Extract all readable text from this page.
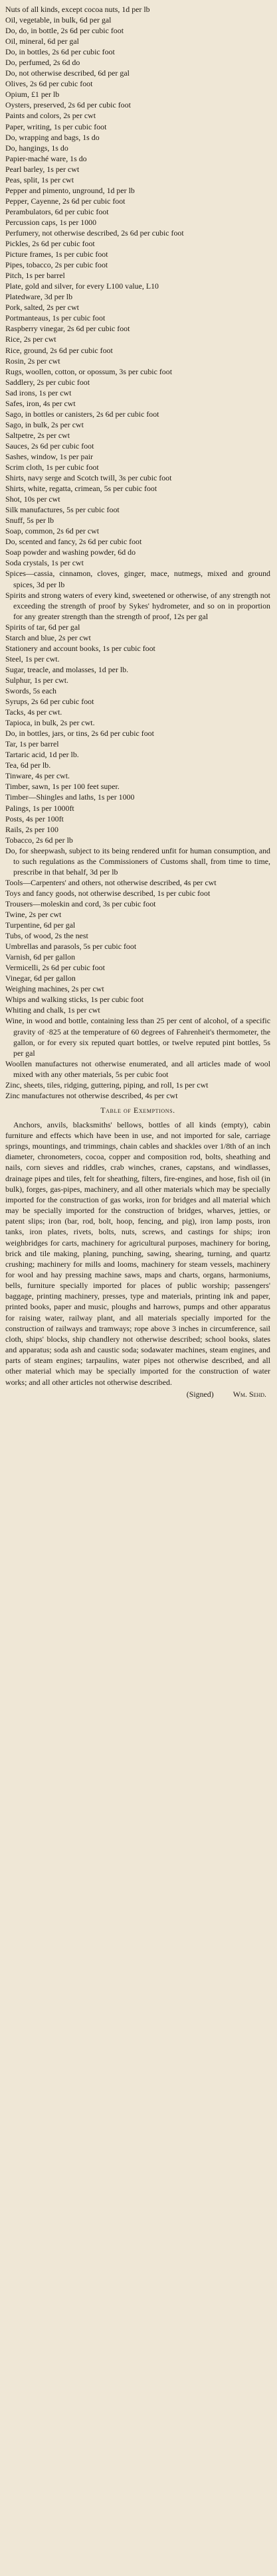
Nuts of all kinds, except cocoa nuts, 1d per lb
Oil, vegetable, in bulk, 6d per gal
Do, do, in bottle, 2s 6d per cubic foot
Oil, mineral, 6d per gal
Do, in bottles, 2s 6d per cubic foot
Do, perfumed, 2s 6d do
Do, not otherwise described, 6d per gal
Olives, 2s 6d per cubic foot
Opium, £1 per lb
Oysters, preserved, 2s 6d per cubic foot
Paints and colors, 2s per cwt
Paper, writing, 1s per cubic foot
Do, wrapping and bags, 1s do
Do, hangings, 1s do
Papier-maché ware, 1s do
Pearl barley, 1s per cwt
Peas, split, 1s per cwt
Pepper and pimento, unground, 1d per lb
Pepper, Cayenne, 2s 6d per cubic foot
Perambulators, 6d per cubic foot
Percussion caps, 1s per 1000
Perfumery, not otherwise described, 2s 6d per cubic foot
Pickles, 2s 6d per cubic foot
Picture frames, 1s per cubic foot
Pipes, tobacco, 2s per cubic foot
Pitch, 1s per barrel
Plate, gold and silver, for every L100 value, L10
Platedware, 3d per lb
Pork, salted, 2s per cwt
Portmanteaus, 1s per cubic foot
Raspberry vinegar, 2s 6d per cubic foot
Rice, 2s per cwt
Rice, ground, 2s 6d per cubic foot
Rosin, 2s per cwt
Rugs, woollen, cotton, or opossum, 3s per cubic foot
Saddlery, 2s per cubic foot
Sad irons, 1s per cwt
Safes, iron, 4s per cwt
Sago, in bottles or canisters, 2s 6d per cubic foot
Sago, in bulk, 2s per cwt
Saltpetre, 2s per cwt
Sauces, 2s 6d per cubic foot
Sashes, window, 1s per pair
Scrim cloth, 1s per cubic foot
Shirts, navy serge and Scotch twill, 3s per cubic foot
Shirts, white, regatta, crimean, 5s per cubic foot
Shot, 10s per cwt
Silk manufactures, 5s per cubic foot
Snuff, 5s per lb
Soap, common, 2s 6d per cwt
Do, scented and fancy, 2s 6d per cubic foot
Soap powder and washing powder, 6d do
Soda crystals, 1s per cwt
Spices—cassia, cinnamon, cloves, ginger, mace, nutmegs, mixed and ground spices, 3d per lb
Spirits and strong waters of every kind, sweetened or otherwise, of any strength not exceeding the strength of proof by Sykes' hydrometer, and so on in proportion for any greater strength than the strength of proof, 12s per gal
Spirits of tar, 6d per gal
Starch and blue, 2s per cwt
Stationery and account books, 1s per cubic foot
Steel, 1s per cwt.
Sugar, treacle, and molasses, 1d per lb.
Sulphur, 1s per cwt.
Swords, 5s each
Syrups, 2s 6d per cubic foot
Tacks, 4s per cwt.
Tapioca, in bulk, 2s per cwt.
Do, in bottles, jars, or tins, 2s 6d per cubic foot
Tar, 1s per barrel
Tartaric acid, 1d per lb.
Tea, 6d per lb.
Tinware, 4s per cwt.
Timber, sawn, 1s per 100 feet super.
Timber—Shingles and laths, 1s per 1000
Palings, 1s per 1000ft
Posts, 4s per 100ft
Rails, 2s per 100
Tobacco, 2s 6d per lb
Do, for sheepwash, subject to its being rendered unfit for human consumption, and to such regulations as the Commissioners of Customs shall, from time to time, prescribe in that behalf, 3d per lb
Tools—Carpenters' and others, not otherwise described, 4s per cwt
Toys and fancy goods, not otherwise described, 1s per cubic foot
Trousers—moleskin and cord, 3s per cubic foot
Twine, 2s per cwt
Turpentine, 6d per gal
Tubs, of wood, 2s the nest
Umbrellas and parasols, 5s per cubic foot
Varnish, 6d per gallon
Vermicelli, 2s 6d per cubic foot
Vinegar, 6d per gallon
Weighing machines, 2s per cwt
Whips and walking sticks, 1s per cubic foot
Whiting and chalk, 1s per cwt
Wine, in wood and bottle, containing less than 25 per cent of alcohol, of a specific gravity of ·825 at the temperature of 60 degrees of Fahrenheit's thermometer, the gallon, or for every six reputed quart bottles, or twelve reputed pint bottles, 5s per gal
Woollen manufactures not otherwise enumerated, and all articles made of wool mixed with any other materials, 5s per cubic foot
Zinc, sheets, tiles, ridging, guttering, piping, and roll, 1s per cwt
Zinc manufactures not otherwise described, 4s per cwt
Table of Exemptions.
Anchors, anvils, blacksmiths' bellows, bottles of all kinds (empty), cabin furniture and effects which have been in use, and not imported for sale, carriage springs, mountings, and trimmings, chain cables and shackles over 1/8th of an inch diameter, chronometers, cocoa, copper and composition rod, bolts, sheathing and nails, corn sieves and riddles, crab winches, cranes, capstans, and windlasses, drainage pipes and tiles, felt for sheathing, filters, fire-engines, and hose, fish oil (in bulk), forges, gas-pipes, machinery, and all other materials which may be specially imported for the construction of gas works, iron for bridges and all material which may be specially imported for the construction of bridges, wharves, jetties, or patent slips; iron (bar, rod, bolt, hoop, fencing, and pig), iron lamp posts, iron tanks, iron plates, rivets, bolts, nuts, screws, and castings for ships; iron weighbridges for carts, machinery for agricultural purposes, machinery for boring, brick and tile making, planing, punching, sawing, shearing, turning, and quartz crushing; machinery for mills and looms, machinery for steam vessels, machinery for wool and hay pressing machine saws, maps and charts, organs, harmoniums, bells, furniture specially imported for places of public worship; passengers' baggage, printing machinery, presses, type and materials, printing ink and paper, printed books, paper and music, ploughs and harrows, pumps and other apparatus for raising water, railway plant, and all materials specially imported for the construction of railways and tramways; rope above 3 inches in circumference, sail cloth, ships' blocks, ship chandlery not otherwise described; school books, slates and apparatus; soda ash and caustic soda; sodawater machines, steam engines, and parts of steam engines; tarpaulins, water pipes not otherwise described, and all other material which may be specially imported for the construction of water works; and all other articles not otherwise described.
(Signed) Wm. Sehd.
